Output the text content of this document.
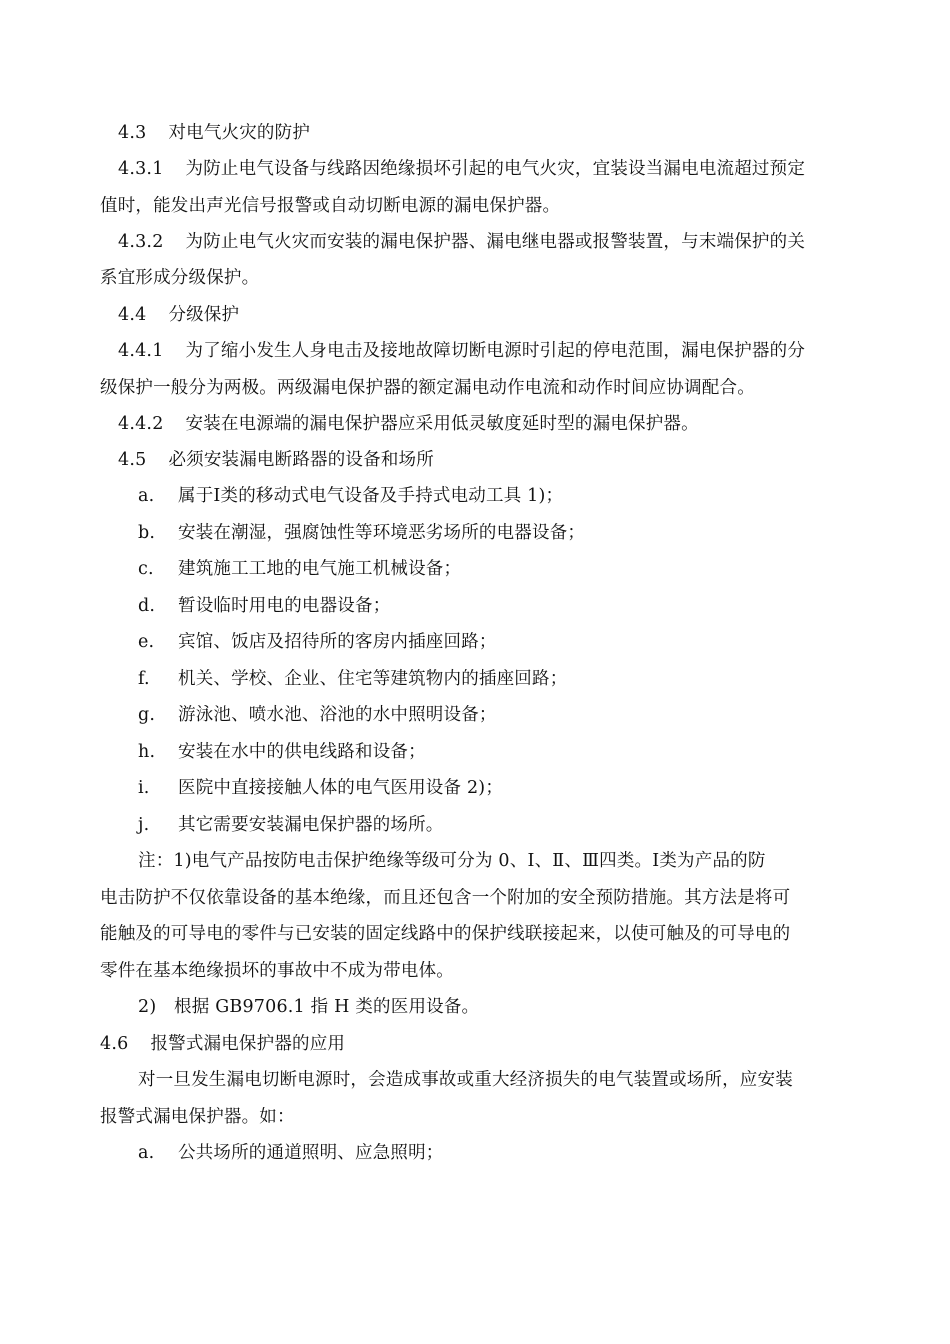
4.3 对电气火灾的防护
4.3.1 为防止电气设备与线路因绝缘损坏引起的电气火灾，宜装设当漏电电流超过预定
值时，能发出声光信号报警或自动切断电源的漏电保护器。
4.3.2 为防止电气火灾而安装的漏电保护器、漏电继电器或报警装置，与末端保护的关
系宜形成分级保护。
4.4 分级保护
4.4.1 为了缩小发生人身电击及接地故障切断电源时引起的停电范围，漏电保护器的分
级保护一般分为两极。两级漏电保护器的额定漏电动作电流和动作时间应协调配合。
4.4.2 安装在电源端的漏电保护器应采用低灵敏度延时型的漏电保护器。
4.5 必须安装漏电断路器的设备和场所
a. 属于Ⅰ类的移动式电气设备及手持式电动工具 1)；
b. 安装在潮湿，强腐蚀性等环境恶劣场所的电器设备；
c. 建筑施工工地的电气施工机械设备；
d. 暂设临时用电的电器设备；
e. 宾馆、饭店及招待所的客房内插座回路；
f. 机关、学校、企业、住宅等建筑物内的插座回路；
g. 游泳池、喷水池、浴池的水中照明设备；
h. 安装在水中的供电线路和设备；
i. 医院中直接接触人体的电气医用设备 2)；
j. 其它需要安装漏电保护器的场所。
注：1)电气产品按防电击保护绝缘等级可分为 0、Ⅰ、Ⅱ、Ⅲ四类。Ⅰ类为产品的防
电击防护不仅依靠设备的基本绝缘，而且还包含一个附加的安全预防措施。其方法是将可
能触及的可导电的零件与已安装的固定线路中的保护线联接起来，以使可触及的可导电的
零件在基本绝缘损坏的事故中不成为带电体。
2)　根据 GB9706.1 指 H 类的医用设备。
4.6 报警式漏电保护器的应用
对一旦发生漏电切断电源时，会造成事故或重大经济损失的电气装置或场所，应安装
报警式漏电保护器。如：
a. 公共场所的通道照明、应急照明；
